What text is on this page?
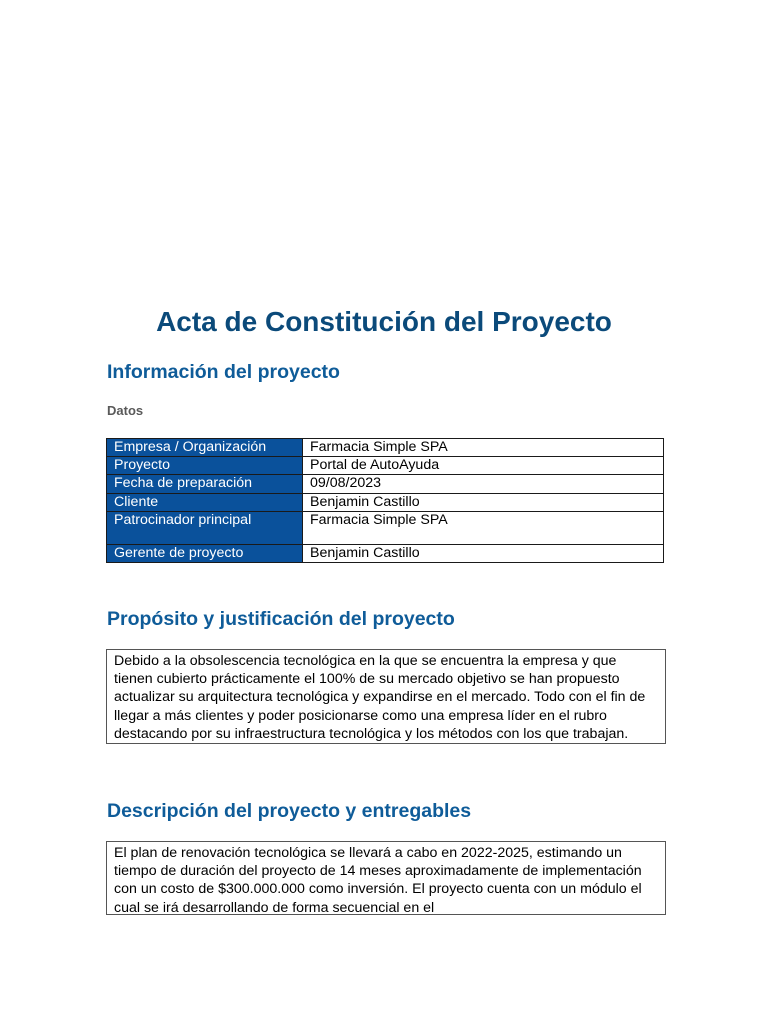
Acta de Constitución del Proyecto
Información del proyecto
Datos
Empresa / Organización	Farmacia Simple SPA
Proyecto	Portal de AutoAyuda
Fecha de preparación	09/08/2023
Cliente	Benjamin Castillo
Patrocinador principal	Farmacia Simple SPA
Gerente de proyecto	Benjamin Castillo
Propósito y justificación del proyecto
Debido a la obsolescencia tecnológica en la que se encuentra la empresa y que tienen cubierto prácticamente el 100% de su mercado objetivo se han propuesto actualizar su arquitectura tecnológica y expandirse en el mercado. Todo con el fin de llegar a más clientes y poder posicionarse como una empresa líder en el rubro destacando por su infraestructura tecnológica y los métodos con los que trabajan.
Descripción del proyecto y entregables
El plan de renovación tecnológica se llevará a cabo en 2022-2025, estimando un tiempo de duración del proyecto de 14 meses aproximadamente de implementación con un costo de $300.000.000 como inversión. El proyecto cuenta con un módulo el cual se irá desarrollando de forma secuencial en el
